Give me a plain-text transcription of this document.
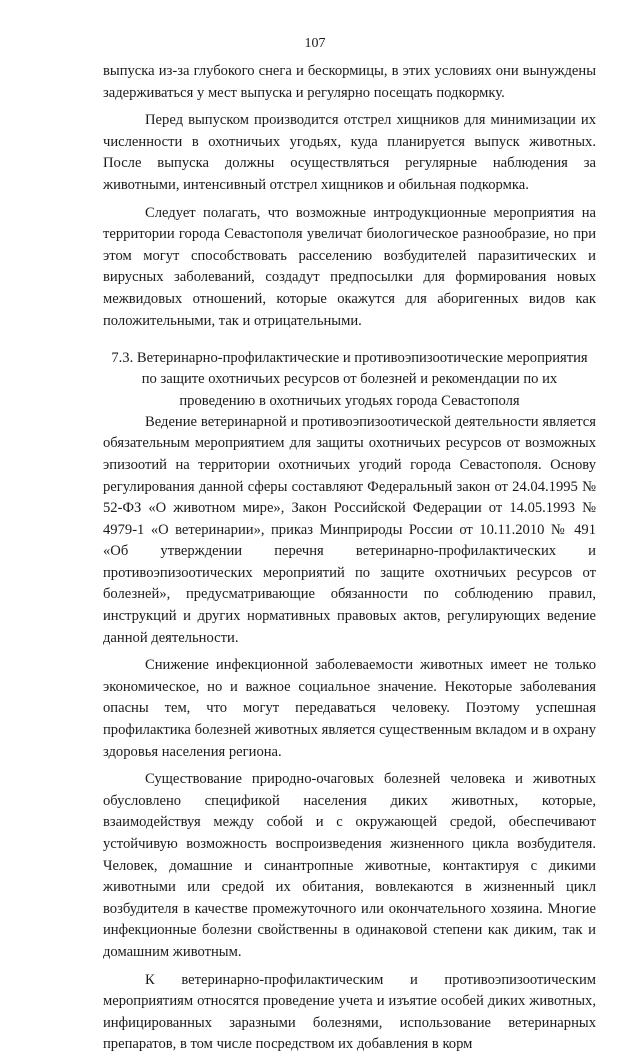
107

выпуска из-за глубокого снега и бескормицы, в этих условиях они вынуждены задерживаться у мест выпуска и регулярно посещать подкормку.

Перед выпуском производится отстрел хищников для минимизации их численности в охотничьих угодьях, куда планируется выпуск животных. После выпуска должны осуществляться регулярные наблюдения за животными, интенсивный отстрел хищников и обильная подкормка.

Следует полагать, что возможные интродукционные мероприятия на территории города Севастополя увеличат биологическое разнообразие, но при этом могут способствовать расселению возбудителей паразитических и вирусных заболеваний, создадут предпосылки для формирования новых межвидовых отношений, которые окажутся для аборигенных видов как положительными, так и отрицательными.

7.3. Ветеринарно-профилактические и противоэпизоотические мероприятия по защите охотничьих ресурсов от болезней и рекомендации по их проведению в охотничьих угодьях города Севастополя

Ведение ветеринарной и противоэпизоотической деятельности является обязательным мероприятием для защиты охотничьих ресурсов от возможных эпизоотий на территории охотничьих угодий города Севастополя. Основу регулирования данной сферы составляют Федеральный закон от 24.04.1995 № 52-ФЗ «О животном мире», Закон Российской Федерации от 14.05.1993 № 4979-1 «О ветеринарии», приказ Минприроды России от 10.11.2010 № 491 «Об утверждении перечня ветеринарно-профилактических и противоэпизоотических мероприятий по защите охотничьих ресурсов от болезней», предусматривающие обязанности по соблюдению правил, инструкций и других нормативных правовых актов, регулирующих ведение данной деятельности.

Снижение инфекционной заболеваемости животных имеет не только экономическое, но и важное социальное значение. Некоторые заболевания опасны тем, что могут передаваться человеку. Поэтому успешная профилактика болезней животных является существенным вкладом и в охрану здоровья населения региона.

Существование природно-очаговых болезней человека и животных обусловлено спецификой населения диких животных, которые, взаимодействуя между собой и с окружающей средой, обеспечивают устойчивую возможность воспроизведения жизненного цикла возбудителя. Человек, домашние и синантропные животные, контактируя с дикими животными или средой их обитания, вовлекаются в жизненный цикл возбудителя в качестве промежуточного или окончательного хозяина. Многие инфекционные болезни свойственны в одинаковой степени как диким, так и домашним животным.

К ветеринарно-профилактическим и противоэпизоотическим мероприятиям относятся проведение учета и изъятие особей диких животных, инфицированных заразными болезнями, использование ветеринарных препаратов, в том числе посредством их добавления в корм
